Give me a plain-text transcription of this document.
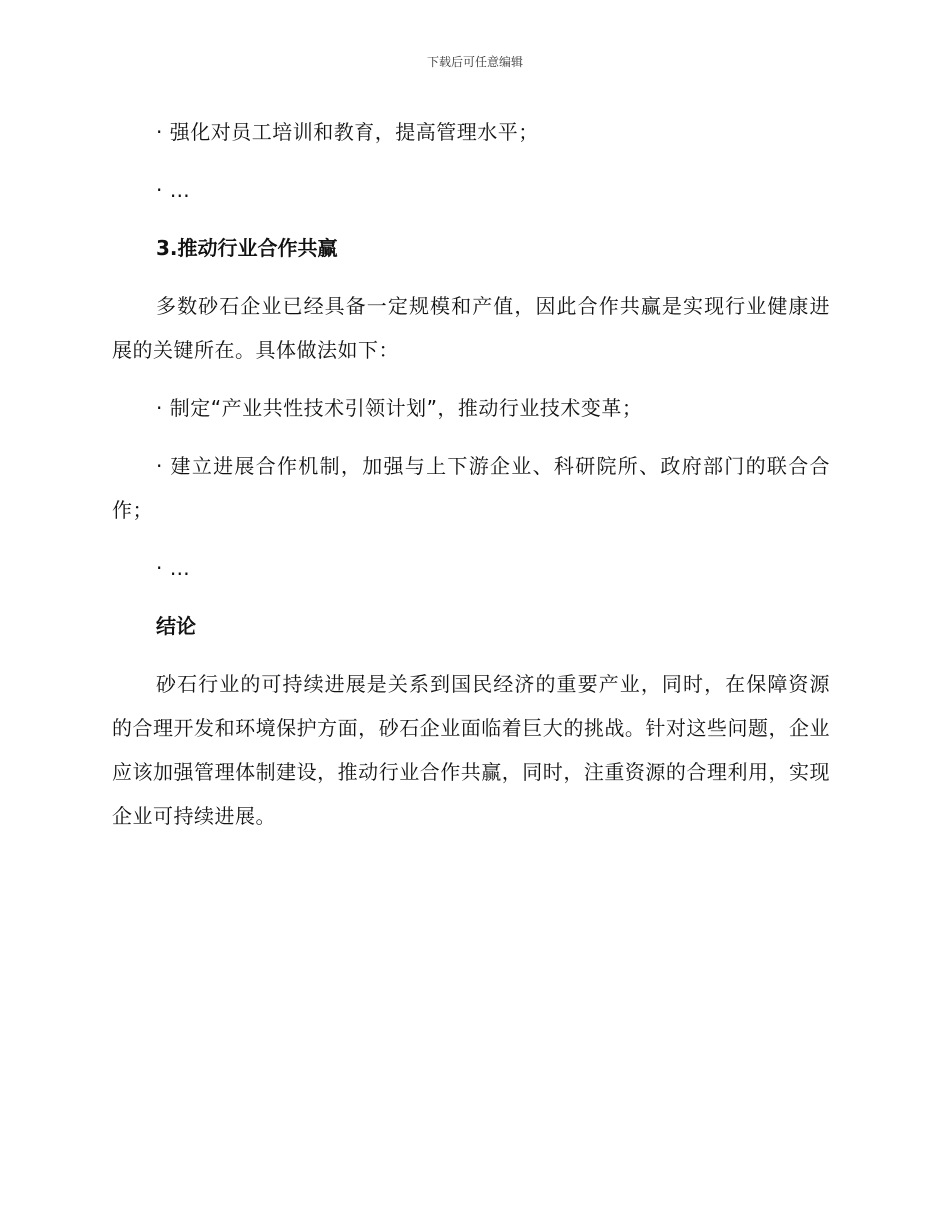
下载后可任意编辑

· 强化对员工培训和教育，提高管理水平；

· …

3.推动行业合作共赢

多数砂石企业已经具备一定规模和产值，因此合作共赢是实现行业健康进展的关键所在。具体做法如下：

· 制定“产业共性技术引领计划”，推动行业技术变革；

· 建立进展合作机制，加强与上下游企业、科研院所、政府部门的联合合作；

· …

结论

砂石行业的可持续进展是关系到国民经济的重要产业，同时，在保障资源的合理开发和环境保护方面，砂石企业面临着巨大的挑战。针对这些问题，企业应该加强管理体制建设，推动行业合作共赢，同时，注重资源的合理利用，实现企业可持续进展。
